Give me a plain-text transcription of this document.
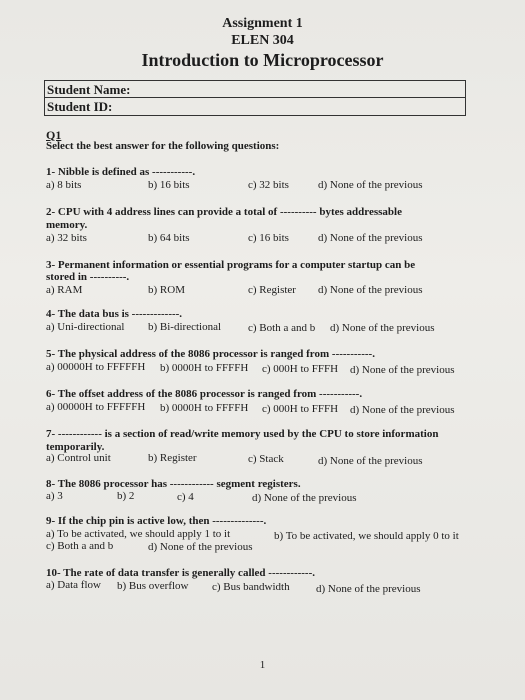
Assignment 1
ELEN 304
Introduction to Microprocessor
Student Name:
Student ID:
Q1
Select the best answer for the following questions:
1- Nibble is defined as -----------.
a) 8 bits	b) 16 bits	c) 32 bits	d) None of the previous
2- CPU with 4 address lines can provide a total of ---------- bytes addressable
memory.
a) 32 bits	b) 64 bits	c) 16 bits	d) None of the previous
3- Permanent information or essential programs for a computer startup can be
stored in ----------.
a) RAM	b) ROM	c) Register d) None of the previous
4- The data bus is -------------.
a) Uni-directional b) Bi-directional c) Both a and b d) None of the previous
5- The physical address of the 8086 processor is ranged from -----------.
a) 00000H to FFFFFH b) 0000H to FFFFH c) 000H to FFFH d) None of the previous
6- The offset address of the 8086 processor is ranged from -----------.
a) 00000H to FFFFFH b) 0000H to FFFFH c) 000H to FFFH d) None of the previous
7- ------------ is a section of read/write memory used by the CPU to store information
temporarily.
a) Control unit	b) Register	c) Stack	d) None of the previous
8- The 8086 processor has ------------ segment registers.
a) 3	b) 2	c) 4	d) None of the previous
9- If the chip pin is active low, then --------------.
a) To be activated, we should apply 1 to it	b) To be activated, we should apply 0 to it
c) Both a and b	d) None of the previous
10- The rate of data transfer is generally called ------------.
a) Data flow b) Bus overflow c) Bus bandwidth d) None of the previous
1
